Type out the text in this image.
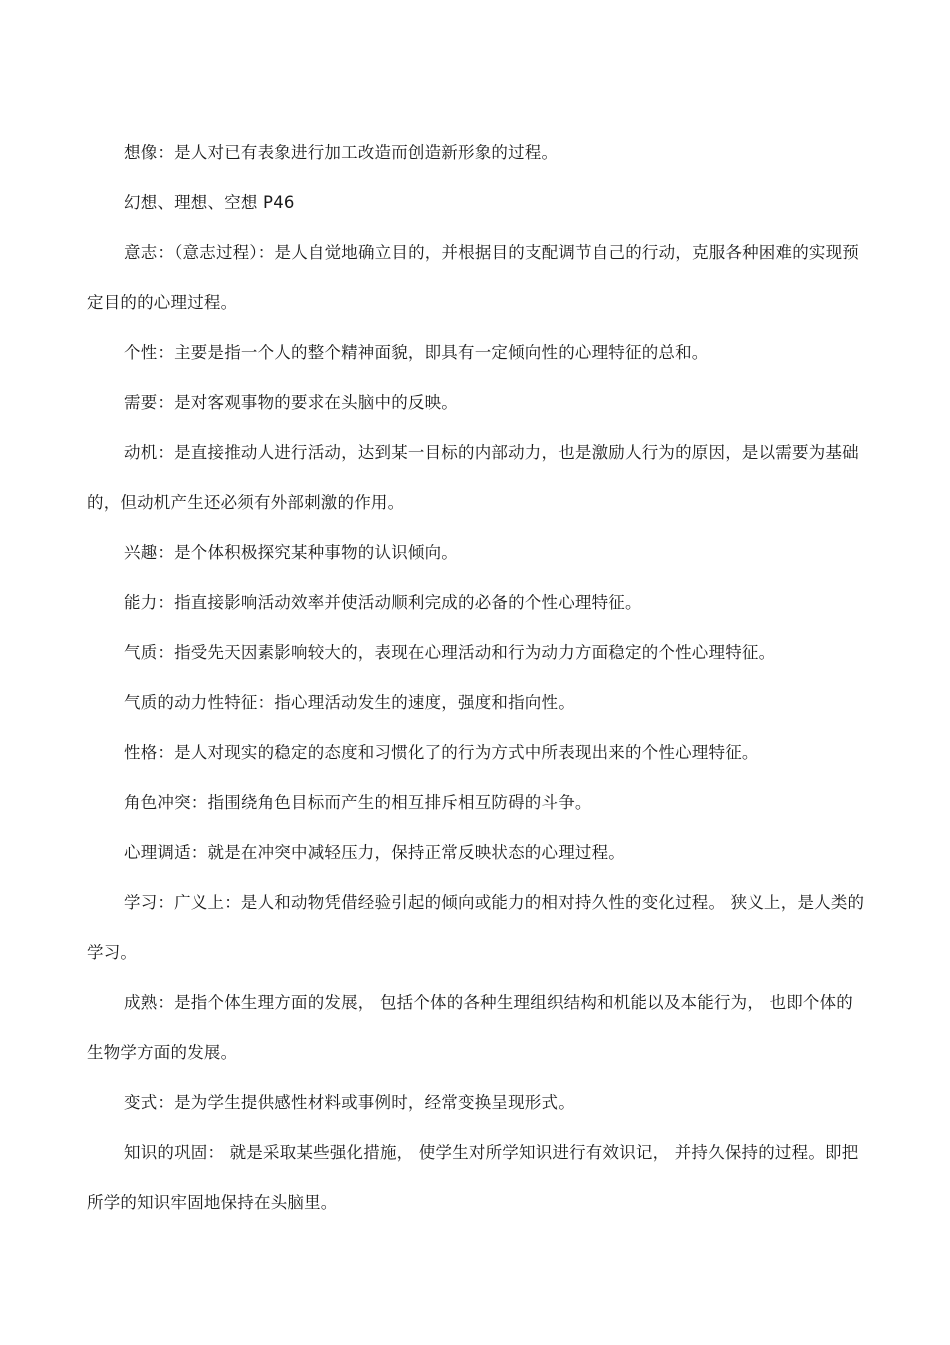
想像：是人对已有表象进行加工改造而创造新形象的过程。

幻想、理想、空想 P46

意志：（意志过程）：是人自觉地确立目的，并根据目的支配调节自己的行动，克服各种困难的实现预定目的的心理过程。

个性：主要是指一个人的整个精神面貌，即具有一定倾向性的心理特征的总和。

需要：是对客观事物的要求在头脑中的反映。

动机：是直接推动人进行活动，达到某一目标的内部动力，也是激励人行为的原因，是以需要为基础的，但动机产生还必须有外部刺激的作用。

兴趣：是个体积极探究某种事物的认识倾向。

能力：指直接影响活动效率并使活动顺利完成的必备的个性心理特征。

气质：指受先天因素影响较大的，表现在心理活动和行为动力方面稳定的个性心理特征。

气质的动力性特征：指心理活动发生的速度，强度和指向性。

性格：是人对现实的稳定的态度和习惯化了的行为方式中所表现出来的个性心理特征。

角色冲突：指围绕角色目标而产生的相互排斥相互防碍的斗争。

心理调适：就是在冲突中减轻压力，保持正常反映状态的心理过程。

学习：广义上：是人和动物凭借经验引起的倾向或能力的相对持久性的变化过程。 狭义上，是人类的学习。

成熟：是指个体生理方面的发展， 包括个体的各种生理组织结构和机能以及本能行为， 也即个体的生物学方面的发展。

变式：是为学生提供感性材料或事例时，经常变换呈现形式。

知识的巩固： 就是采取某些强化措施， 使学生对所学知识进行有效识记， 并持久保持的过程。即把所学的知识牢固地保持在头脑里。
